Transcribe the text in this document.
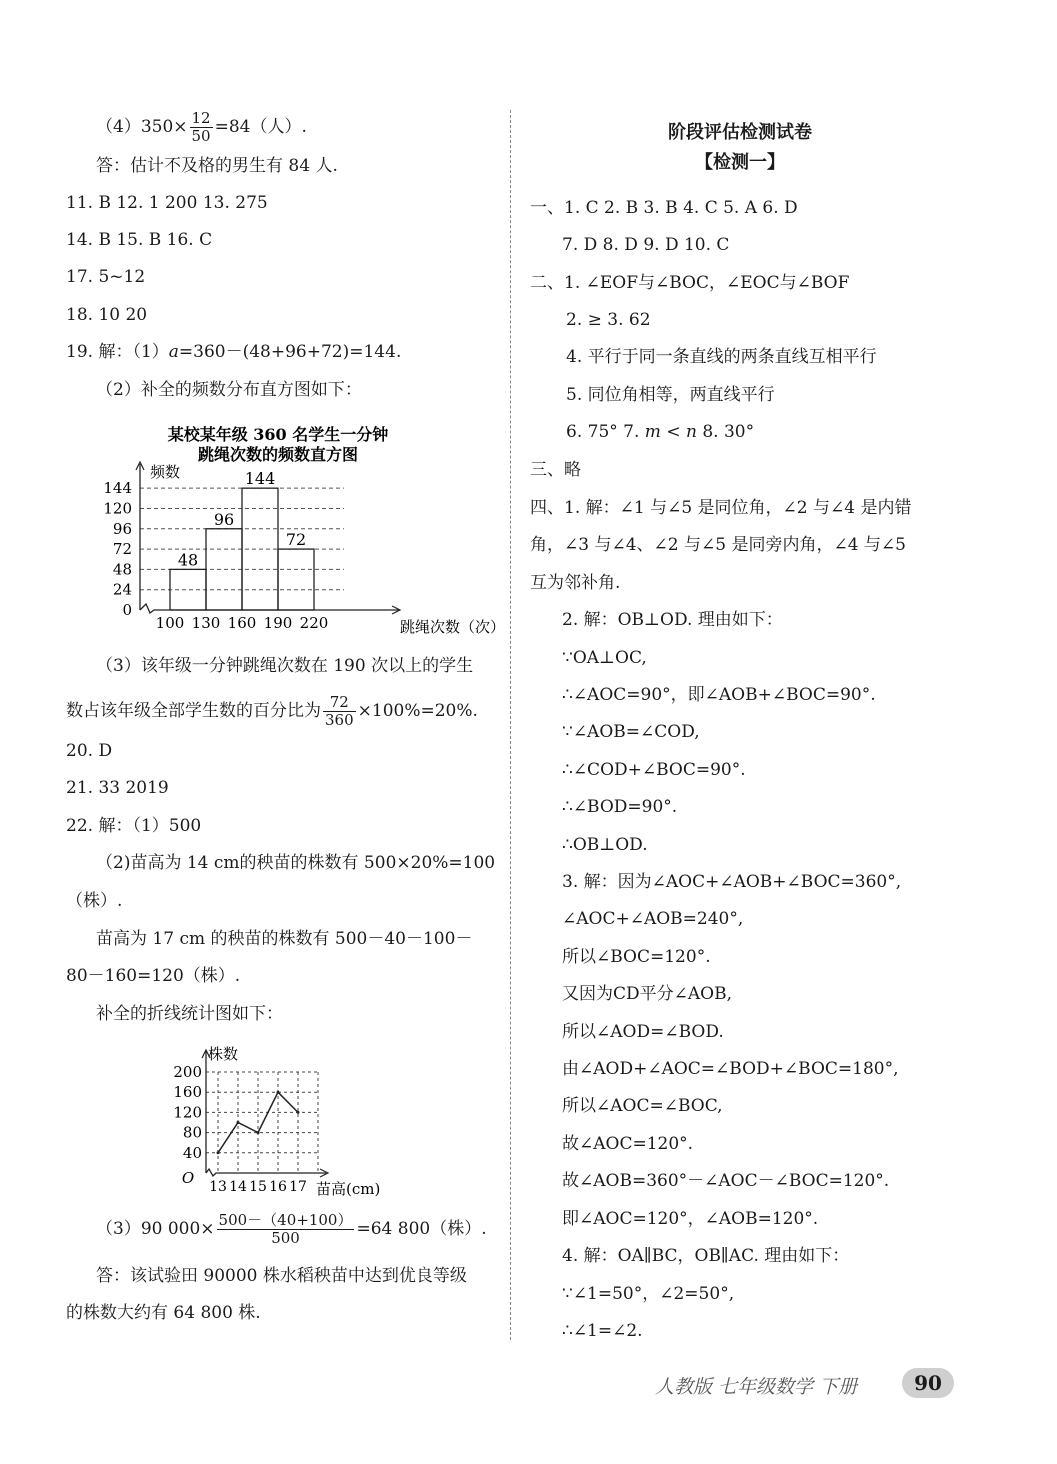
$(4)350\times \frac{12}{50} =84$（人）.
答：估计不及格的男生有 84 人.
11. B 12. 1 200 13. 275
14. B 15. B 16. C
17. 5~12
18. 10 20
19. 解：（1）a=360－(48+96+72)=144.
（2）补全的频数分布直方图如下：
某校某年级 360 名学生一分钟
跳绳次数的频数直方图
0
24
48
72
96
120
144
48
96
144
72
100 130 160 190 220
频数
跳绳次数（次）
（3）该年级一分钟跳绳次数在 190 次以上的学生
数占该年级全部学生数的百分比为 $\frac{72}{360} \times 100\%=20\%$.
20. D
21. 33 2019
22. 解：（1）500
（2)苗高为 14 cm的秧苗的株数有 500×20%=100
（株）.
苗高为 17 cm 的秧苗的株数有 500－40－100－
80－160=120（株）.
补全的折线统计图如下：
40
80
120
160
200
O 13 14 15 16 17
株数
苗高(cm)
（3）90 $000\times \frac{500-(40+100)}{500} =64$ 800（株）.
答：该试验田 90000 株水稻秧苗中达到优良等级
的株数大约有 64 800 株.
阶段评估检测试卷
【检测一】
一、1. C 2. B 3. B 4. C 5. A 6. D
7. D 8. D 9. D 10. C
二、1. ∠EOF与∠BOC，∠EOC与∠BOF
2. ≥ 3. 62
4. 平行于同一条直线的两条直线互相平行
5. 同位角相等，两直线平行
6. 75° 7. m < n 8. 30°
三、略
四、1. 解：∠1 与∠5 是同位角，∠2 与∠4 是内错
角，∠3 与∠4、∠2 与∠5 是同旁内角，∠4 与∠5
互为邻补角.
2. 解：OB⊥OD. 理由如下：
∵OA⊥OC,
∴∠AOC=90°，即∠AOB+∠BOC=90°.
∵∠AOB=∠COD,
∴∠COD+∠BOC=90°.
∴∠BOD=90°.
∴OB⊥OD.
3. 解：因为∠AOC+∠AOB+∠BOC=360°,
∠AOC+∠AOB=240°,
所以∠BOC=120°.
又因为CD平分∠AOB,
所以∠AOD=∠BOD.
由∠AOD+∠AOC=∠BOD+∠BOC=180°,
所以∠AOC=∠BOC,
故∠AOC=120°.
故∠AOB=360°－∠AOC－∠BOC=120°.
即∠AOC=120°，∠AOB=120°.
4. 解：OA∥BC，OB∥AC. 理由如下：
∵∠1=50°，∠2=50°,
∴∠1=∠2.
人教版 七年级数学 下册	90
